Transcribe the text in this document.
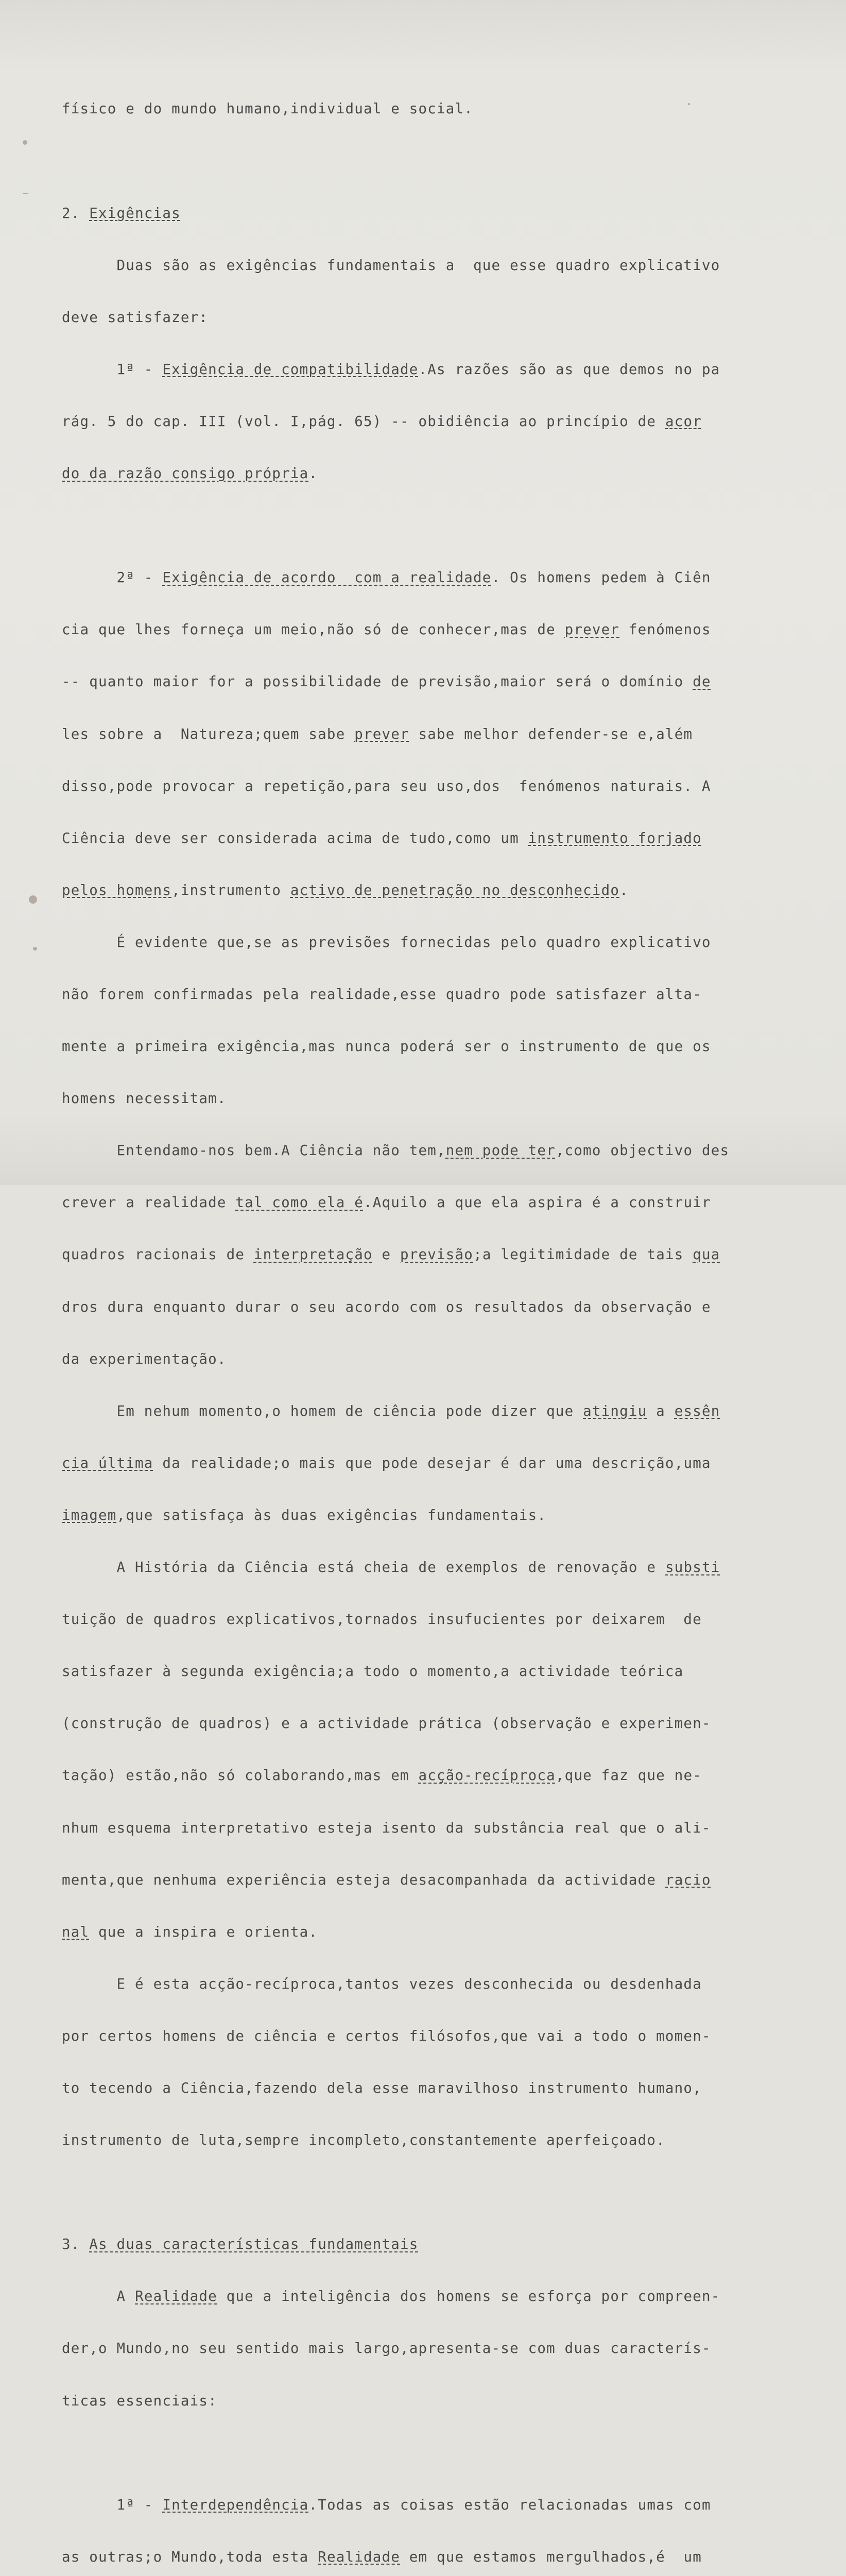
físico e do mundo humano,individual e social.

2. Exigências

Duas são as exigências fundamentais a  que esse quadro explicativo

deve satisfazer:

1ª - Exigência de compatibilidade.As razões são as que demos no pa

rág. 5 do cap. III (vol. I,pág. 65) -- obidiência ao princípio de acor

do da razão consigo própria.

2ª - Exigência de acordo  com a realidade. Os homens pedem à Ciên

cia que lhes forneça um meio,não só de conhecer,mas de prever fenómenos

-- quanto maior for a possibilidade de previsão,maior será o domínio de

les sobre a  Natureza;quem sabe prever sabe melhor defender-se e,além

disso,pode provocar a repetição,para seu uso,dos  fenómenos naturais. A

Ciência deve ser considerada acima de tudo,como um instrumento forjado

pelos homens,instrumento activo de penetração no desconhecido.

É evidente que,se as previsões fornecidas pelo quadro explicativo

não forem confirmadas pela realidade,esse quadro pode satisfazer alta-

mente a primeira exigência,mas nunca poderá ser o instrumento de que os

homens necessitam.

Entendamo-nos bem.A Ciência não tem,nem pode ter,como objectivo des

crever a realidade tal como ela é.Aquilo a que ela aspira é a construir

quadros racionais de interpretação e previsão;a legitimidade de tais qua

dros dura enquanto durar o seu acordo com os resultados da observação e

da experimentação.

Em nehum momento,o homem de ciência pode dizer que atingiu a essên

cia última da realidade;o mais que pode desejar é dar uma descrição,uma

imagem,que satisfaça às duas exigências fundamentais.

A História da Ciência está cheia de exemplos de renovação e substi

tuição de quadros explicativos,tornados insufucientes por deixarem  de

satisfazer à segunda exigência;a todo o momento,a actividade teórica

(construção de quadros) e a actividade prática (observação e experimen-

tação) estão,não só colaborando,mas em acção-recíproca,que faz que ne-

nhum esquema interpretativo esteja isento da substância real que o ali-

menta,que nenhuma experiência esteja desacompanhada da actividade racio

nal que a inspira e orienta.

E é esta acção-recíproca,tantos vezes desconhecida ou desdenhada

por certos homens de ciência e certos filósofos,que vai a todo o momen-

to tecendo a Ciência,fazendo dela esse maravilhoso instrumento humano,

instrumento de luta,sempre incompleto,constantemente aperfeiçoado.

3. As duas características fundamentais

A Realidade que a inteligência dos homens se esforça por compreen-

der,o Mundo,no seu sentido mais largo,apresenta-se com duas caracterís-

ticas essenciais:

1ª - Interdependência.Todas as coisas estão relacionadas umas com

as outras;o Mundo,toda esta Realidade em que estamos mergulhados,é  um
